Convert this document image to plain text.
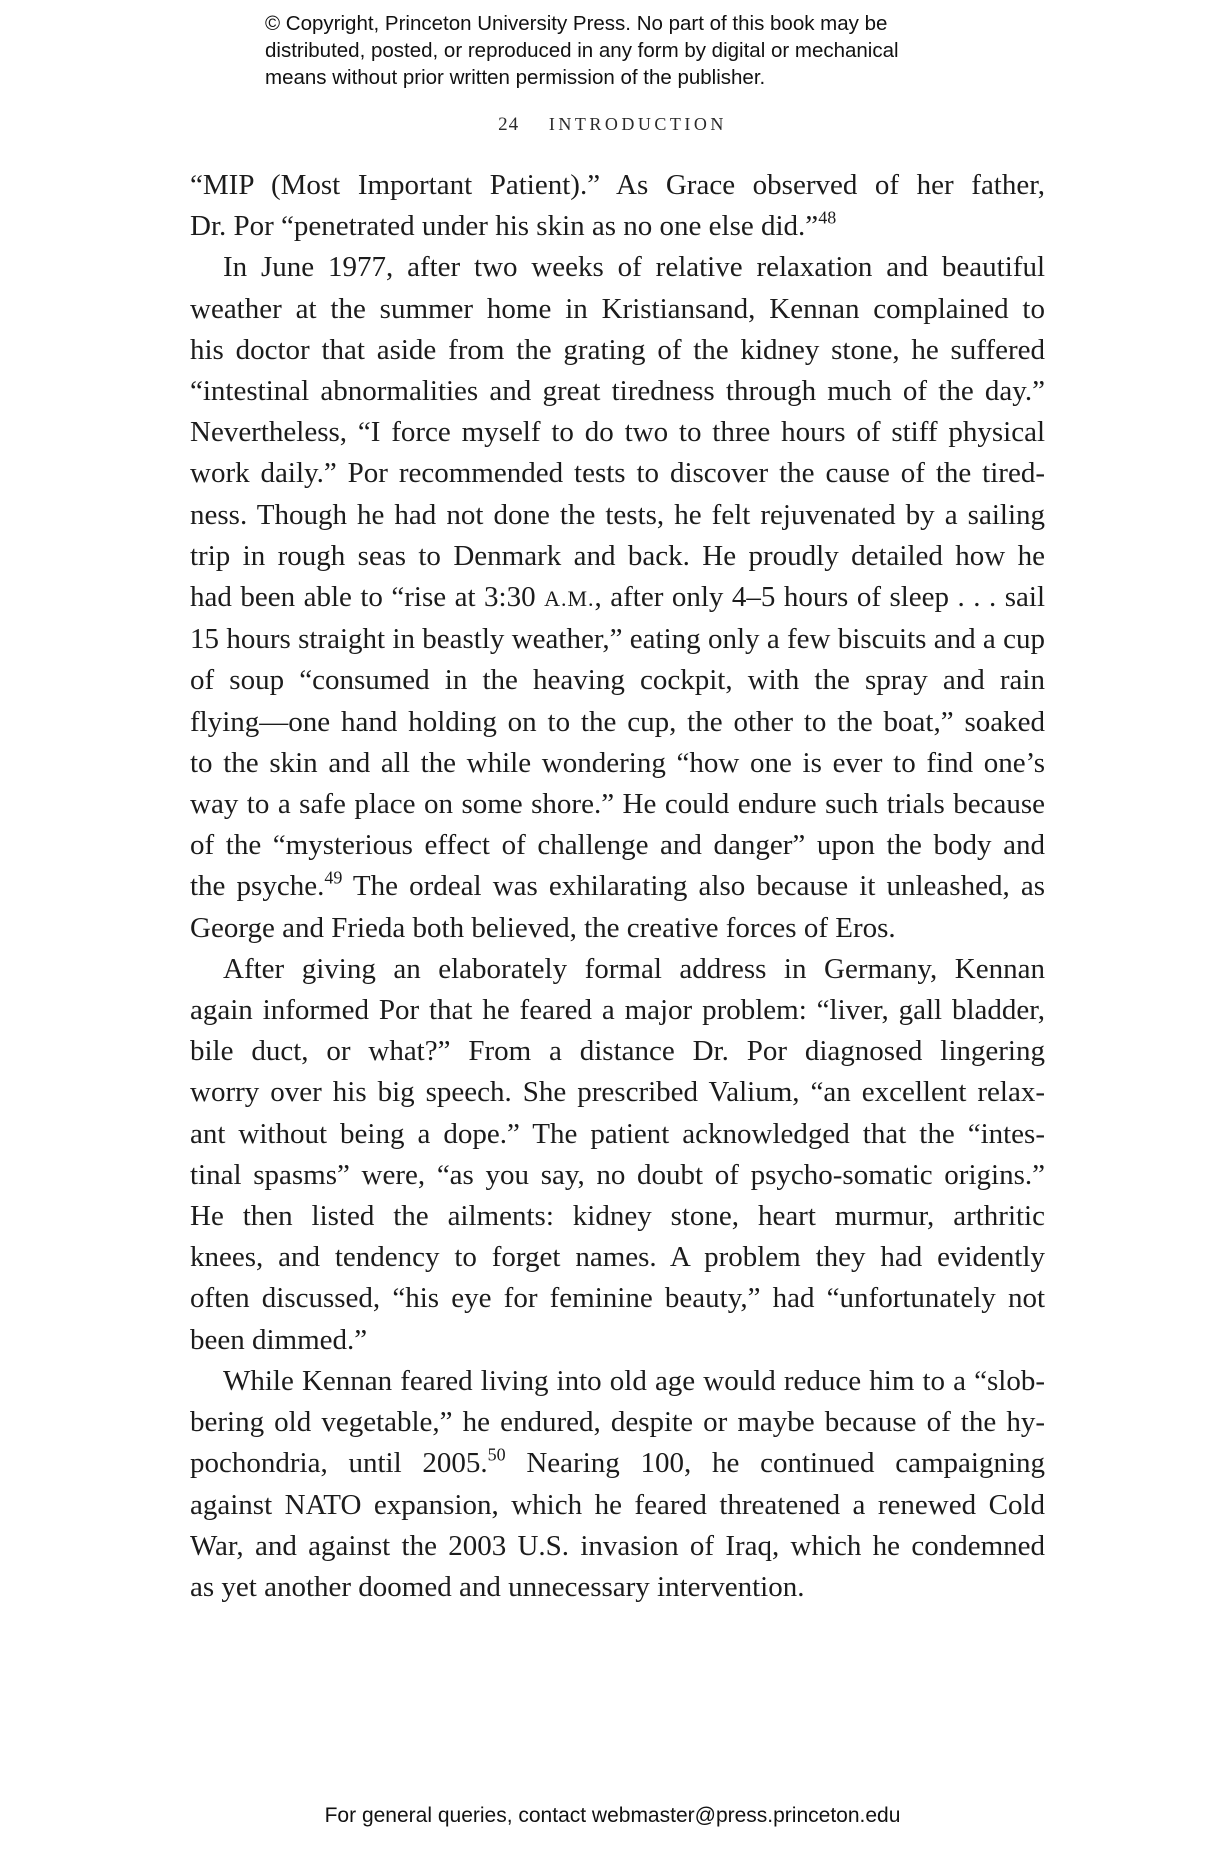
© Copyright, Princeton University Press. No part of this book may be
distributed, posted, or reproduced in any form by digital or mechanical
means without prior written permission of the publisher.
24 INTRODUCTION
“MIP (Most Important Patient).” As Grace observed of her father,
Dr. Por “penetrated under his skin as no one else did.”$^{48}$
In June 1977, after two weeks of relative relaxation and beautiful
weather at the summer home in Kristiansand, Kennan complained to
his doctor that aside from the grating of the kidney stone, he suffered
“intestinal abnormalities and great tiredness through much of the day.”
Nevertheless, “I force myself to do two to three hours of stiff physical
work daily.” Por recommended tests to discover the cause of the tired-
ness. Though he had not done the tests, he felt rejuvenated by a sailing
trip in rough seas to Denmark and back. He proudly detailed how he
had been able to “rise at 3:30 A.M., after only 4–5 hours of sleep . . . sail
15 hours straight in beastly weather,” eating only a few biscuits and a cup
of soup “consumed in the heaving cockpit, with the spray and rain
flying—one hand holding on to the cup, the other to the boat,” soaked
to the skin and all the while wondering “how one is ever to find one’s
way to a safe place on some shore.” He could endure such trials because
of the “mysterious effect of challenge and danger” upon the body and
the psyche.$^{49}$ The ordeal was exhilarating also because it unleashed, as
George and Frieda both believed, the creative forces of Eros.
After giving an elaborately formal address in Germany, Kennan
again informed Por that he feared a major problem: “liver, gall bladder,
bile duct, or what?” From a distance Dr. Por diagnosed lingering
worry over his big speech. She prescribed Valium, “an excellent relax-
ant without being a dope.” The patient acknowledged that the “intes-
tinal spasms” were, “as you say, no doubt of psycho-somatic origins.”
He then listed the ailments: kidney stone, heart murmur, arthritic
knees, and tendency to forget names. A problem they had evidently
often discussed, “his eye for feminine beauty,” had “unfortunately not
been dimmed.”
While Kennan feared living into old age would reduce him to a “slob-
bering old vegetable,” he endured, despite or maybe because of the hy-
pochondria, until 2005.50 Nearing 100, he continued campaigning
against NATO expansion, which he feared threatened a renewed Cold
War, and against the 2003 U.S. invasion of Iraq, which he condemned
as yet another doomed and unnecessary intervention.
For general queries, contact webmaster@press.princeton.edu
